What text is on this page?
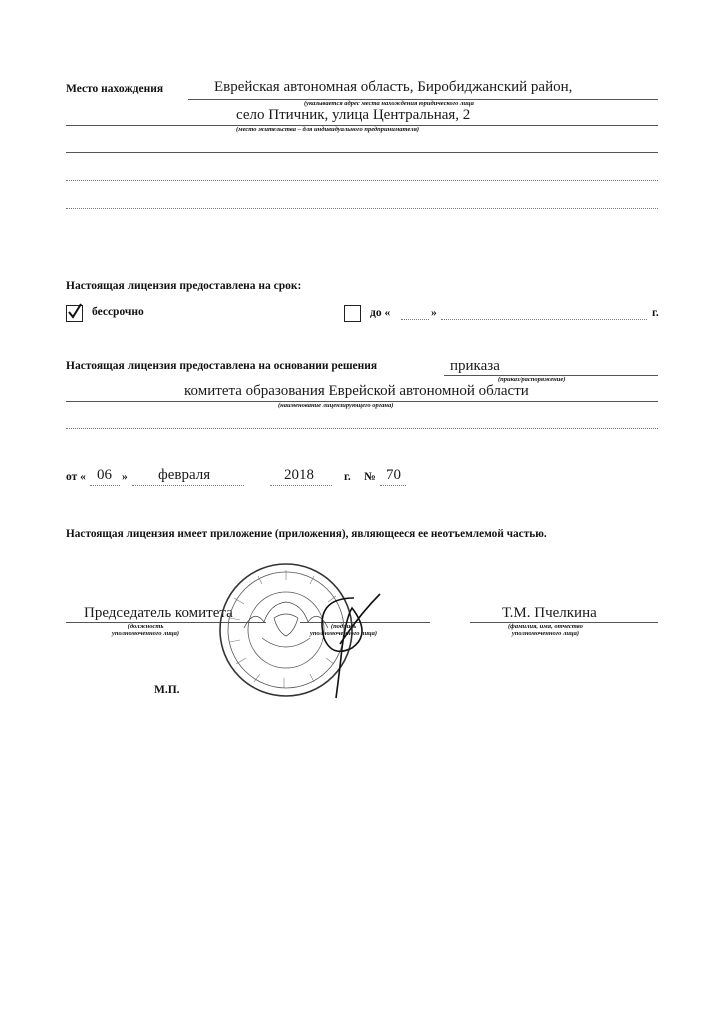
Место нахождения	Еврейская автономная область, Биробиджанский район,
(указывается адрес места нахождения юридического лица
село Птичник, улица Центральная, 2
(место жительства – для индивидуального предпринимателя)
Настоящая лицензия предоставлена на срок:
бессрочно	до «	»	г.
Настоящая лицензия предоставлена на основании решения	приказа
(приказ/распоряжение)
комитета образования Еврейской автономной области
(наименование лицензирующего органа)
от « 06 » февраля	2018	г. № 70
Настоящая лицензия имеет приложение (приложения), являющееся ее неотъемлемой частью.
Председатель комитета
(должность
уполномоченного лица)
(подпись
уполномоченного лица)
Т.М. Пчелкина
(фамилия, имя, отчество
уполномоченного лица)
М.П.
